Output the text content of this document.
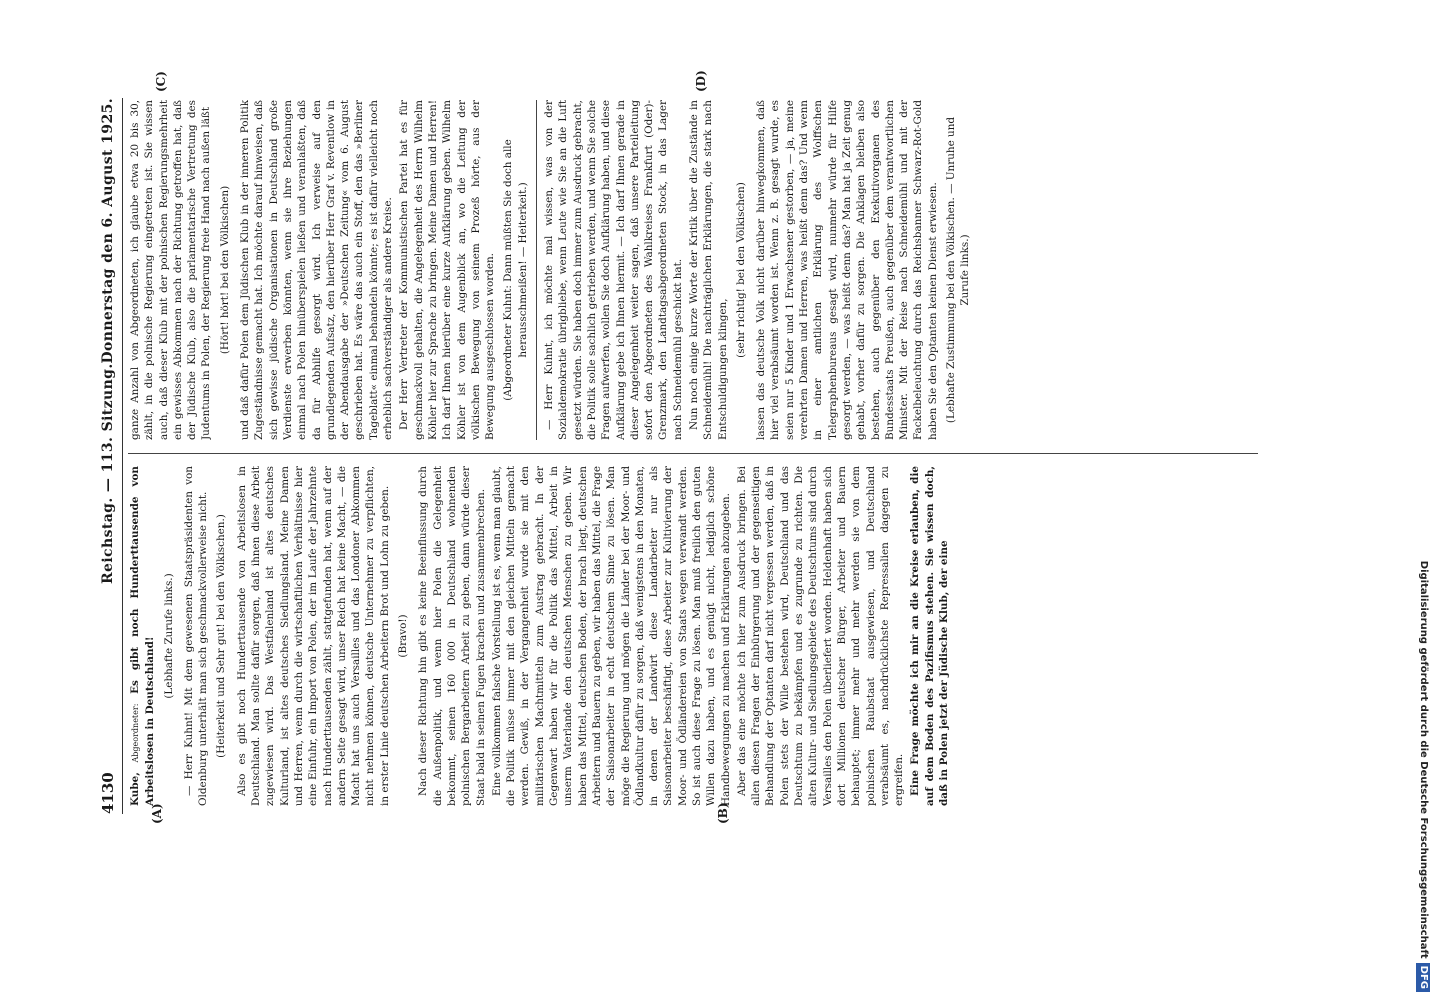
4130
Reichstag. — 113. Sitzung.
Donnerstag den 6. August 1925.
(A)	(B)
(C)	(D)

Kube, Abgeordneter: Es gibt noch Hunderttausende von Arbeitslosen in Deutschland!

(Lebhafte Zurufe links.) — Herr Kuhnt! Mit dem gewesenen Staatspräsidenten von Oldenburg unterhält man sich geschmackvollerweise nicht. (Heiterkeit und Sehr gut! bei den Völkischen.) Also es gibt noch Hunderttausende von Arbeitslosen in Deutschland. Man sollte dafür sorgen, daß ihnen diese Arbeit zugewiesen wird. Das Westfalenland ist altes deutsches Kulturland, ist altes deutsches Siedlungsland. Meine Damen und Herren, wenn durch die wirtschaftlichen Verhältnisse hier eine Einfuhr, ein Import von Polen, der im Laufe der Jahrzehnte nach Hunderttausenden zählt, stattgefunden hat, wenn auf der andern Seite gesagt wird, unser Reich hat keine Macht, — die Macht hat uns auch Versailles und das Londoner Abkommen nicht nehmen können, deutsche Unternehmer zu verpflichten, in erster Linie deutschen Arbeitern Brot und Lohn zu geben. (Bravo!) Nach dieser Richtung hin gibt es keine Beeinflussung durch die Außenpolitik, und wenn hier Polen die Gelegenheit bekommt, seinen 160 000 in Deutschland wohnenden polnischen Bergarbeitern Arbeit zu geben, dann würde dieser Staat bald in seinen Fugen krachen und zusammenbrechen. Eine vollkommen falsche Vorstellung ist es, wenn man glaubt, die Politik müsse immer mit den gleichen Mitteln gemacht werden. Gewiß, in der Vergangenheit wurde sie mit den militärischen Machtmitteln zum Austrag gebracht. In der Gegenwart haben wir für die Politik das Mittel, Arbeit in unserm Vaterlande den deutschen Menschen zu geben. Wir haben das Mittel, deutschen Boden, der brach liegt, deutschen Arbeitern und Bauern zu geben, wir haben das Mittel, die Frage der Saisonarbeiter in echt deutschem Sinne zu lösen. Man möge die Regierung und mögen die Länder bei der Moor- und Ödlandkultur dafür zu sorgen, daß wenigstens in den Monaten, in denen der Landwirt diese Landarbeiter nur als Saisonarbeiter beschäftigt, diese Arbeiter zur Kultivierung der Moor- und Ödländereien von Staats wegen verwandt werden. So ist auch diese Frage zu lösen. Man muß freilich den guten Willen dazu haben, und es genügt nicht, lediglich schöne Handbewegungen zu machen und Erklärungen abzugeben. Aber das eine möchte ich hier zum Ausdruck bringen. Bei allen diesen Fragen der Einbürgerung und der gegenseitigen Behandlung der Optanten darf nicht vergessen werden, daß in Polen stets der Wille bestehen wird, Deutschland und das Deutschtum zu bekämpfen und es zugrunde zu richten. Die alten Kultur- und Siedlungsgebiete des Deutschtums sind durch Versailles den Polen überliefert worden. Heldenhaft haben sich dort Millionen deutscher Bürger, Arbeiter und Bauern behauptet; immer mehr und mehr werden sie von dem polnischen Raubstaat ausgewiesen, und Deutschland verabsäumt es, nachdrücklichste Repressalien dagegen zu ergreifen. Eine Frage möchte ich mir an die Kreise erlauben, die auf dem Boden des Pazifismus stehen. Sie wissen doch, daß in Polen jetzt der Jüdische Klub, der eine

ganze Anzahl von Abgeordneten, ich glaube etwa 20 bis 30, zählt, in die polnische Regierung eingetreten ist. Sie wissen auch, daß dieser Klub mit der polnischen Regierungsmehrheit ein gewisses Abkommen nach der Richtung getroffen hat, daß der Jüdische Klub, also die parlamentarische Vertretung des Judentums in Polen, der Regierung freie Hand nach außen läßt (Hört! hört! bei den Völkischen) und daß dafür Polen dem Jüdischen Klub in der inneren Politik Zugeständnisse gemacht hat. Ich möchte darauf hinweisen, daß sich gewisse jüdische Organisationen in Deutschland große Verdienste erwerben könnten, wenn sie ihre Beziehungen einmal nach Polen hinüberspielen ließen und veranlaßten, daß da für Abhilfe gesorgt wird. Ich verweise auf den grundlegenden Aufsatz, den hierüber Herr Graf v. Reventlow in der Abendausgabe der »Deutschen Zeitung« vom 6. August geschrieben hat. Es wäre das auch ein Stoff, den das »Berliner Tageblatt« einmal behandeln könnte; es ist dafür vielleicht noch erheblich sachverständiger als andere Kreise. Der Herr Vertreter der Kommunistischen Partei hat es für geschmackvoll gehalten, die Angelegenheit des Herrn Wilhelm Köhler hier zur Sprache zu bringen. Meine Damen und Herren! Ich darf Ihnen hierüber eine kurze Aufklärung geben. Wilhelm Köhler ist von dem Augenblick an, wo die Leitung der völkischen Bewegung von seinem Prozeß hörte, aus der Bewegung ausgeschlossen worden. (Abgeordneter Kuhnt: Dann müßten Sie doch alle herausschmeißen! — Heiterkeit.) — Herr Kuhnt, ich möchte mal wissen, was von der Sozialdemokratie übrigbliebe, wenn Leute wie Sie an die Luft gesetzt würden. Sie haben doch immer zum Ausdruck gebracht, die Politik solle sachlich getrieben werden, und wenn Sie solche Fragen aufwerfen, wollen Sie doch Aufklärung haben, und diese Aufklärung gebe ich Ihnen hiermit. — Ich darf Ihnen gerade in dieser Angelegenheit weiter sagen, daß unsere Parteileitung sofort den Abgeordneten des Wahlkreises Frankfurt (Oder)-Grenzmark, den Landtagsabgeordneten Stock, in das Lager nach Schneidemühl geschickt hat. Nun noch einige kurze Worte der Kritik über die Zustände in Schneidemühl! Die nachträglichen Erklärungen, die stark nach Entschuldigungen klingen,

(sehr richtig! bei den Völkischen) lassen das deutsche Volk nicht darüber hinwegkommen, daß hier viel verabsäumt worden ist. Wenn z. B. gesagt wurde, es seien nur 5 Kinder und 1 Erwachsener gestorben, — ja, meine verehrten Damen und Herren, was heißt denn das? Und wenn in einer amtlichen Erklärung des Wolffschen Telegraphenbureaus gesagt wird, nunmehr würde für Hilfe gesorgt werden, — was heißt denn das? Man hat ja Zeit genug gehabt, vorher dafür zu sorgen. Die Anklagen bleiben also bestehen, auch gegenüber den Exekutivorganen des Bundesstaats Preußen, auch gegenüber dem verantwortlichen Minister. Mit der Reise nach Schneidemühl und mit der Fackelbeleuchtung durch das Reichsbanner Schwarz-Rot-Gold haben Sie den Optanten keinen Dienst erwiesen. (Lebhafte Zustimmung bei den Völkischen. — Unruhe und Zurufe links.)

Digitalisierung gefördert durch die Deutsche ForschungsgemeinschaftDFG
